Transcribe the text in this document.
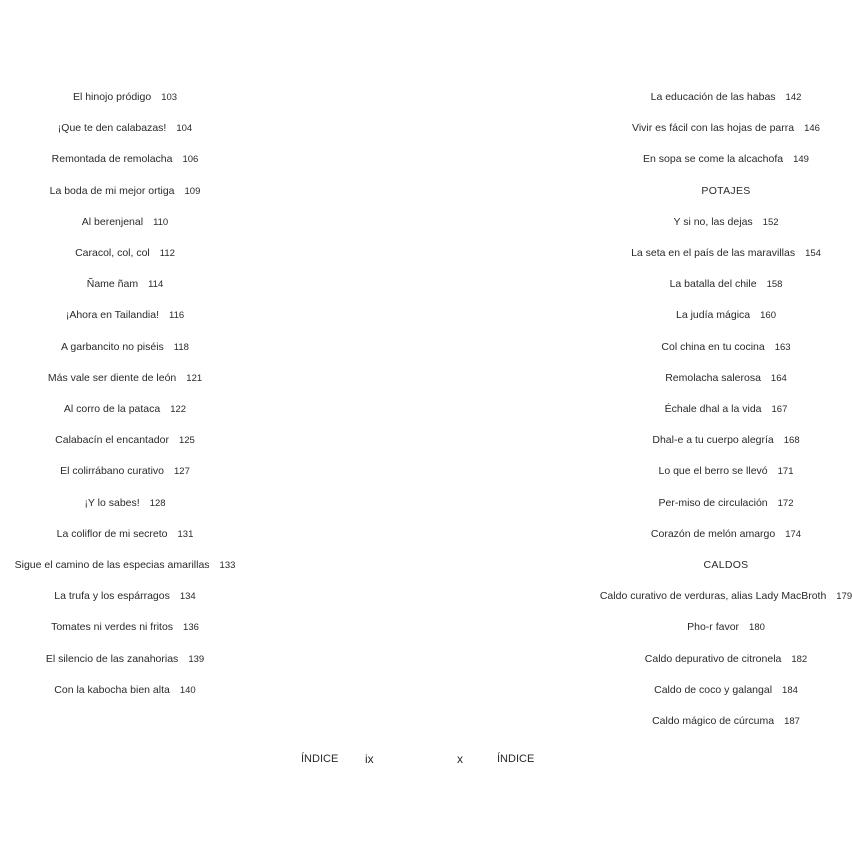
El hinojo pródigo 103
¡Que te den calabazas! 104
Remontada de remolacha 106
La boda de mi mejor ortiga 109
Al berenjenal 110
Caracol, col, col 112
Ñame ñam 114
¡Ahora en Tailandia! 116
A garbancito no piséis 118
Más vale ser diente de león 121
Al corro de la pataca 122
Calabacín el encantador 125
El colirrábano curativo 127
¡Y lo sabes! 128
La coliflor de mi secreto 131
Sigue el camino de las especias amarillas 133
La trufa y los espárragos 134
Tomates ni verdes ni fritos 136
El silencio de las zanahorias 139
Con la kabocha bien alta 140
La educación de las habas 142
Vivir es fácil con las hojas de parra 146
En sopa se come la alcachofa 149
POTAJES
Y si no, las dejas 152
La seta en el país de las maravillas 154
La batalla del chile 158
La judía mágica 160
Col china en tu cocina 163
Remolacha salerosa 164
Échale dhal a la vida 167
Dhal-e a tu cuerpo alegría 168
Lo que el berro se llevó 171
Per-miso de circulación 172
Corazón de melón amargo 174
CALDOS
Caldo curativo de verduras, alias Lady MacBroth 179
Pho-r favor 180
Caldo depurativo de citronela 182
Caldo de coco y galangal 184
Caldo mágico de cúrcuma 187
ÍNDICE ix	x	ÍNDICE
